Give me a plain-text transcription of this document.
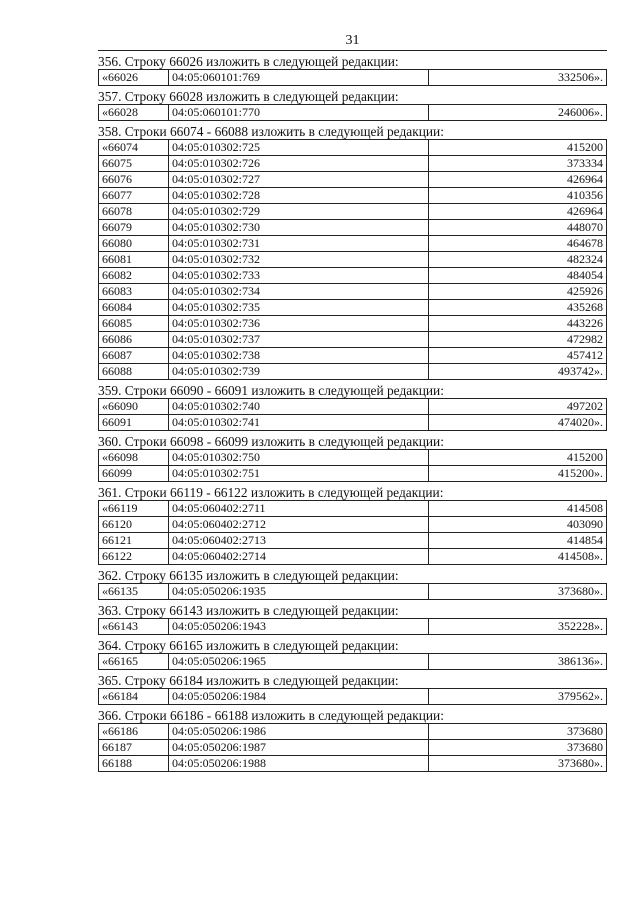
31
356. Строку 66026 изложить в следующей редакции:
«66026	04:05:060101:769	332506».
357. Строку 66028 изложить в следующей редакции:
«66028	04:05:060101:770	246006».
358. Строки 66074 - 66088 изложить в следующей редакции:
«66074	04:05:010302:725	415200
66075	04:05:010302:726	373334
66076	04:05:010302:727	426964
66077	04:05:010302:728	410356
66078	04:05:010302:729	426964
66079	04:05:010302:730	448070
66080	04:05:010302:731	464678
66081	04:05:010302:732	482324
66082	04:05:010302:733	484054
66083	04:05:010302:734	425926
66084	04:05:010302:735	435268
66085	04:05:010302:736	443226
66086	04:05:010302:737	472982
66087	04:05:010302:738	457412
66088	04:05:010302:739	493742».
359. Строки 66090 - 66091 изложить в следующей редакции:
«66090	04:05:010302:740	497202
66091	04:05:010302:741	474020».
360. Строки 66098 - 66099 изложить в следующей редакции:
«66098	04:05:010302:750	415200
66099	04:05:010302:751	415200».
361. Строки 66119 - 66122 изложить в следующей редакции:
«66119	04:05:060402:2711	414508
66120	04:05:060402:2712	403090
66121	04:05:060402:2713	414854
66122	04:05:060402:2714	414508».
362. Строку 66135 изложить в следующей редакции:
«66135	04:05:050206:1935	373680».
363. Строку 66143 изложить в следующей редакции:
«66143	04:05:050206:1943	352228».
364. Строку 66165 изложить в следующей редакции:
«66165	04:05:050206:1965	386136».
365. Строку 66184 изложить в следующей редакции:
«66184	04:05:050206:1984	379562».
366. Строки 66186 - 66188 изложить в следующей редакции:
«66186	04:05:050206:1986	373680
66187	04:05:050206:1987	373680
66188	04:05:050206:1988	373680».
